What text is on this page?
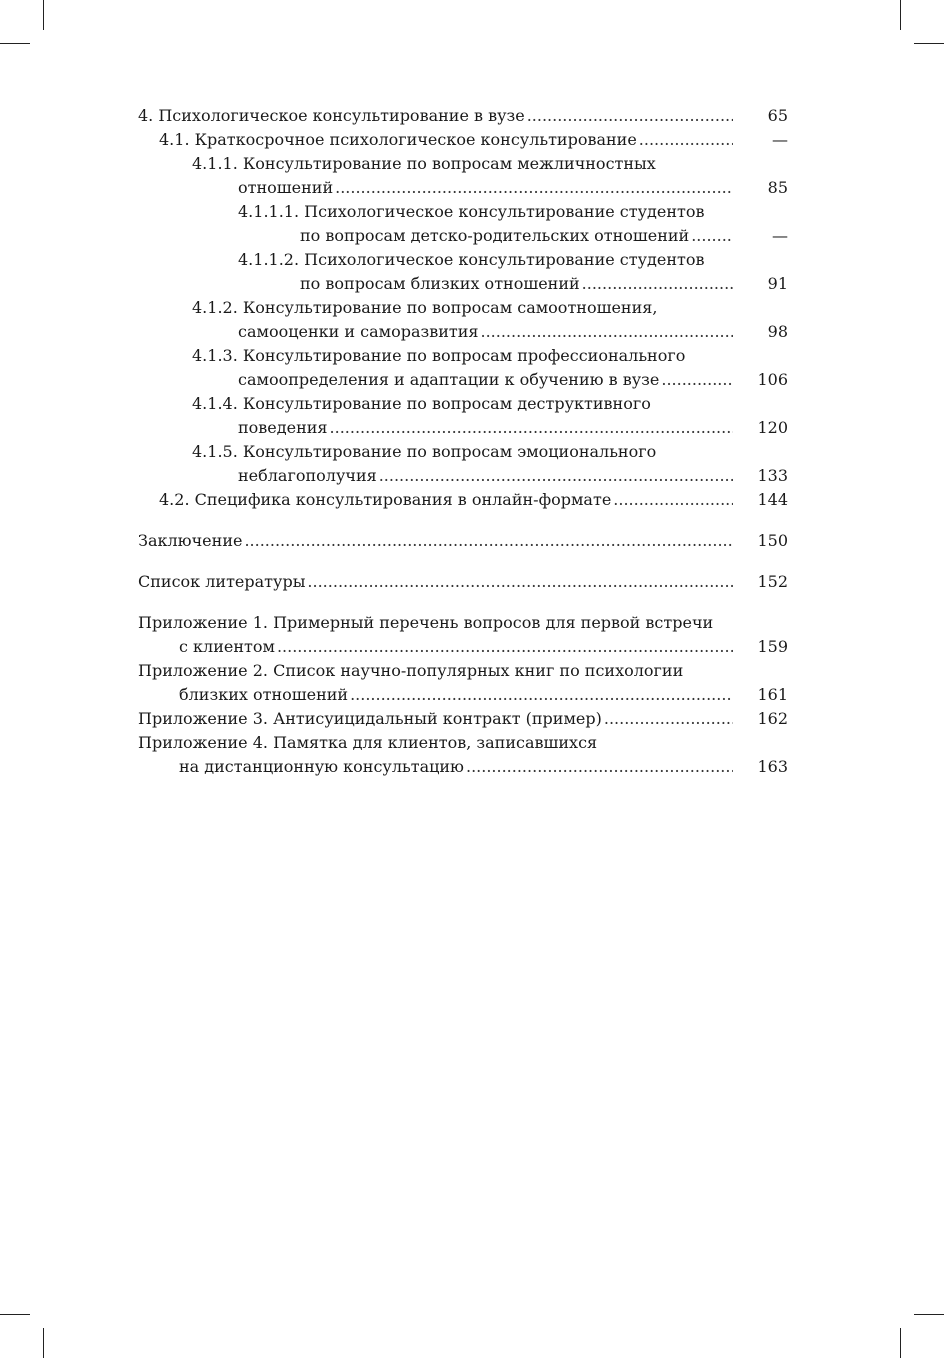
4. Психологическое консультирование в вузе .....	65
4.1. Краткосрочное психологическое консультирование .....	—
4.1.1. Консультирование по вопросам межличностных
отношений .....	85
4.1.1.1. Психологическое консультирование студентов
по вопросам детско-родительских отношений .....	—
4.1.1.2. Психологическое консультирование студентов
по вопросам близких отношений .....	91
4.1.2. Консультирование по вопросам самоотношения,
самооценки и саморазвития .....	98
4.1.3. Консультирование по вопросам профессионального
самоопределения и адаптации к обучению в вузе .....	106
4.1.4. Консультирование по вопросам деструктивного
поведения .....	120
4.1.5. Консультирование по вопросам эмоционального
неблагополучия .....	133
4.2. Специфика консультирования в онлайн-формате .....	144
Заключение .....	150
Список литературы .....	152
Приложение 1. Примерный перечень вопросов для первой встречи
с клиентом .....	159
Приложение 2. Список научно-популярных книг по психологии
близких отношений .....	161
Приложение 3. Антисуицидальный контракт (пример) .....	162
Приложение 4. Памятка для клиентов, записавшихся
на дистанционную консультацию .....	163
